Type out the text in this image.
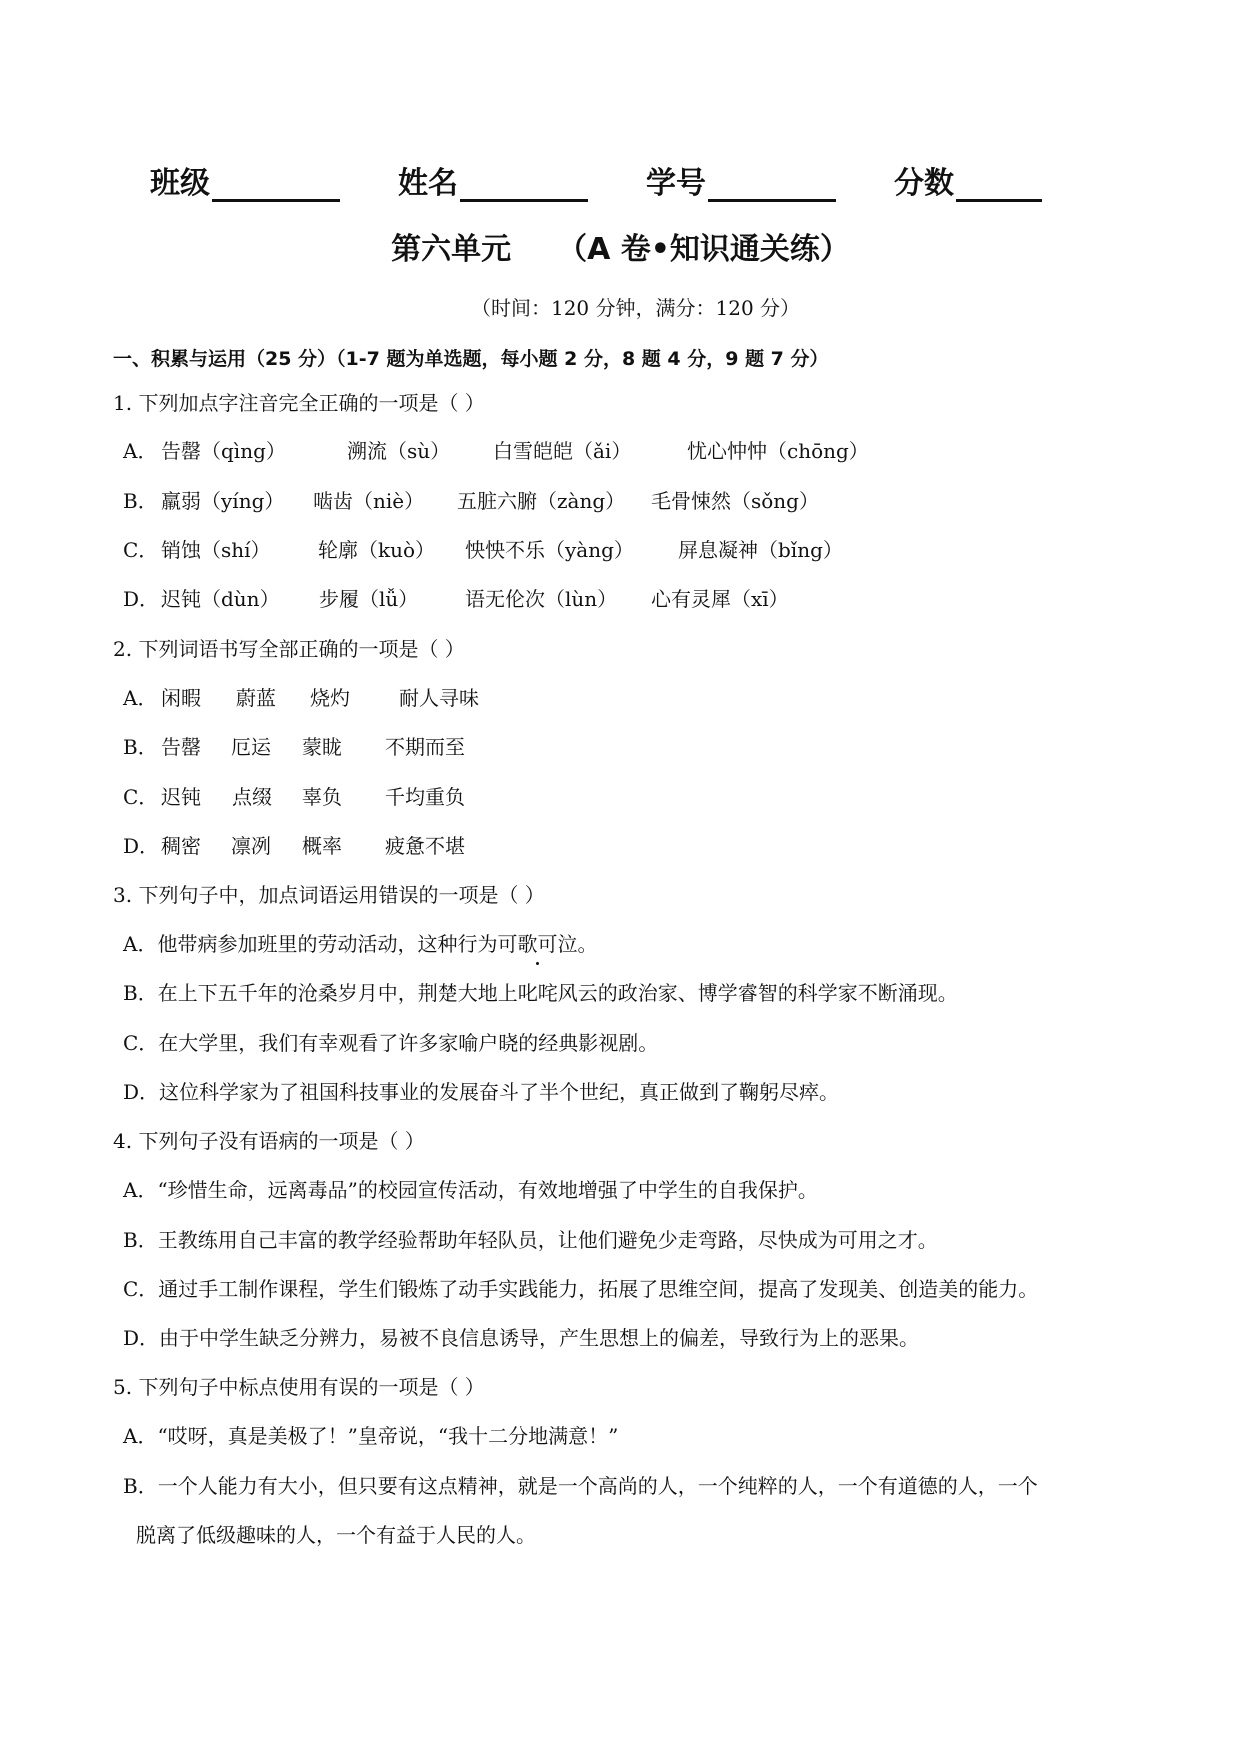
班级	姓名	学号	分数
第六单元 （A 卷•知识通关练）
（时间：120 分钟，满分：120 分）
一、积累与运用（25 分）（1-7 题为单选题，每小题 2 分，8 题 4 分，9 题 7 分）
1. 下列加点字注音完全正确的一项是（ ）
A． 告罄（qìng）	溯流（sù） 白雪皑皑（ǎi）	忧心忡忡（chōng）
B． 羸弱（yíng） 啮齿（niè） 五脏六腑（zàng） 毛骨悚然（sǒng）
C． 销蚀（shí） 轮廓（kuò） 怏怏不乐（yàng） 屏息凝神（bǐng）
D． 迟钝（dùn） 步履（lǚ） 语无伦次（lùn） 心有灵犀（xī）
2. 下列词语书写全部正确的一项是（ ）
A． 闲暇 蔚蓝 烧灼 耐人寻味
B． 告罄 厄运 蒙眬 不期而至
C． 迟钝 点缀 辜负 千均重负
D． 稠密 凛冽 概率 疲惫不堪
3. 下列句子中，加点词语运用错误的一项是（ ）
A．他带病参加班里的劳动活动，这种行为可歌可泣。
B．在上下五千年的沧桑岁月中，荆楚大地上叱咤风云的政治家、博学睿智的科学家不断涌现。
C．在大学里，我们有幸观看了许多家喻户晓的经典影视剧。
D．这位科学家为了祖国科技事业的发展奋斗了半个世纪，真正做到了鞠躬尽瘁。
4. 下列句子没有语病的一项是（ ）
A．“珍惜生命，远离毒品”的校园宣传活动，有效地增强了中学生的自我保护。
B．王教练用自己丰富的教学经验帮助年轻队员，让他们避免少走弯路，尽快成为可用之才。
C．通过手工制作课程，学生们锻炼了动手实践能力，拓展了思维空间，提高了发现美、创造美的能力。
D．由于中学生缺乏分辨力，易被不良信息诱导，产生思想上的偏差，导致行为上的恶果。
5. 下列句子中标点使用有误的一项是（ ）
A．“哎呀，真是美极了！”皇帝说，“我十二分地满意！”
B．一个人能力有大小，但只要有这点精神，就是一个高尚的人，一个纯粹的人，一个有道德的人，一个
脱离了低级趣味的人，一个有益于人民的人。
